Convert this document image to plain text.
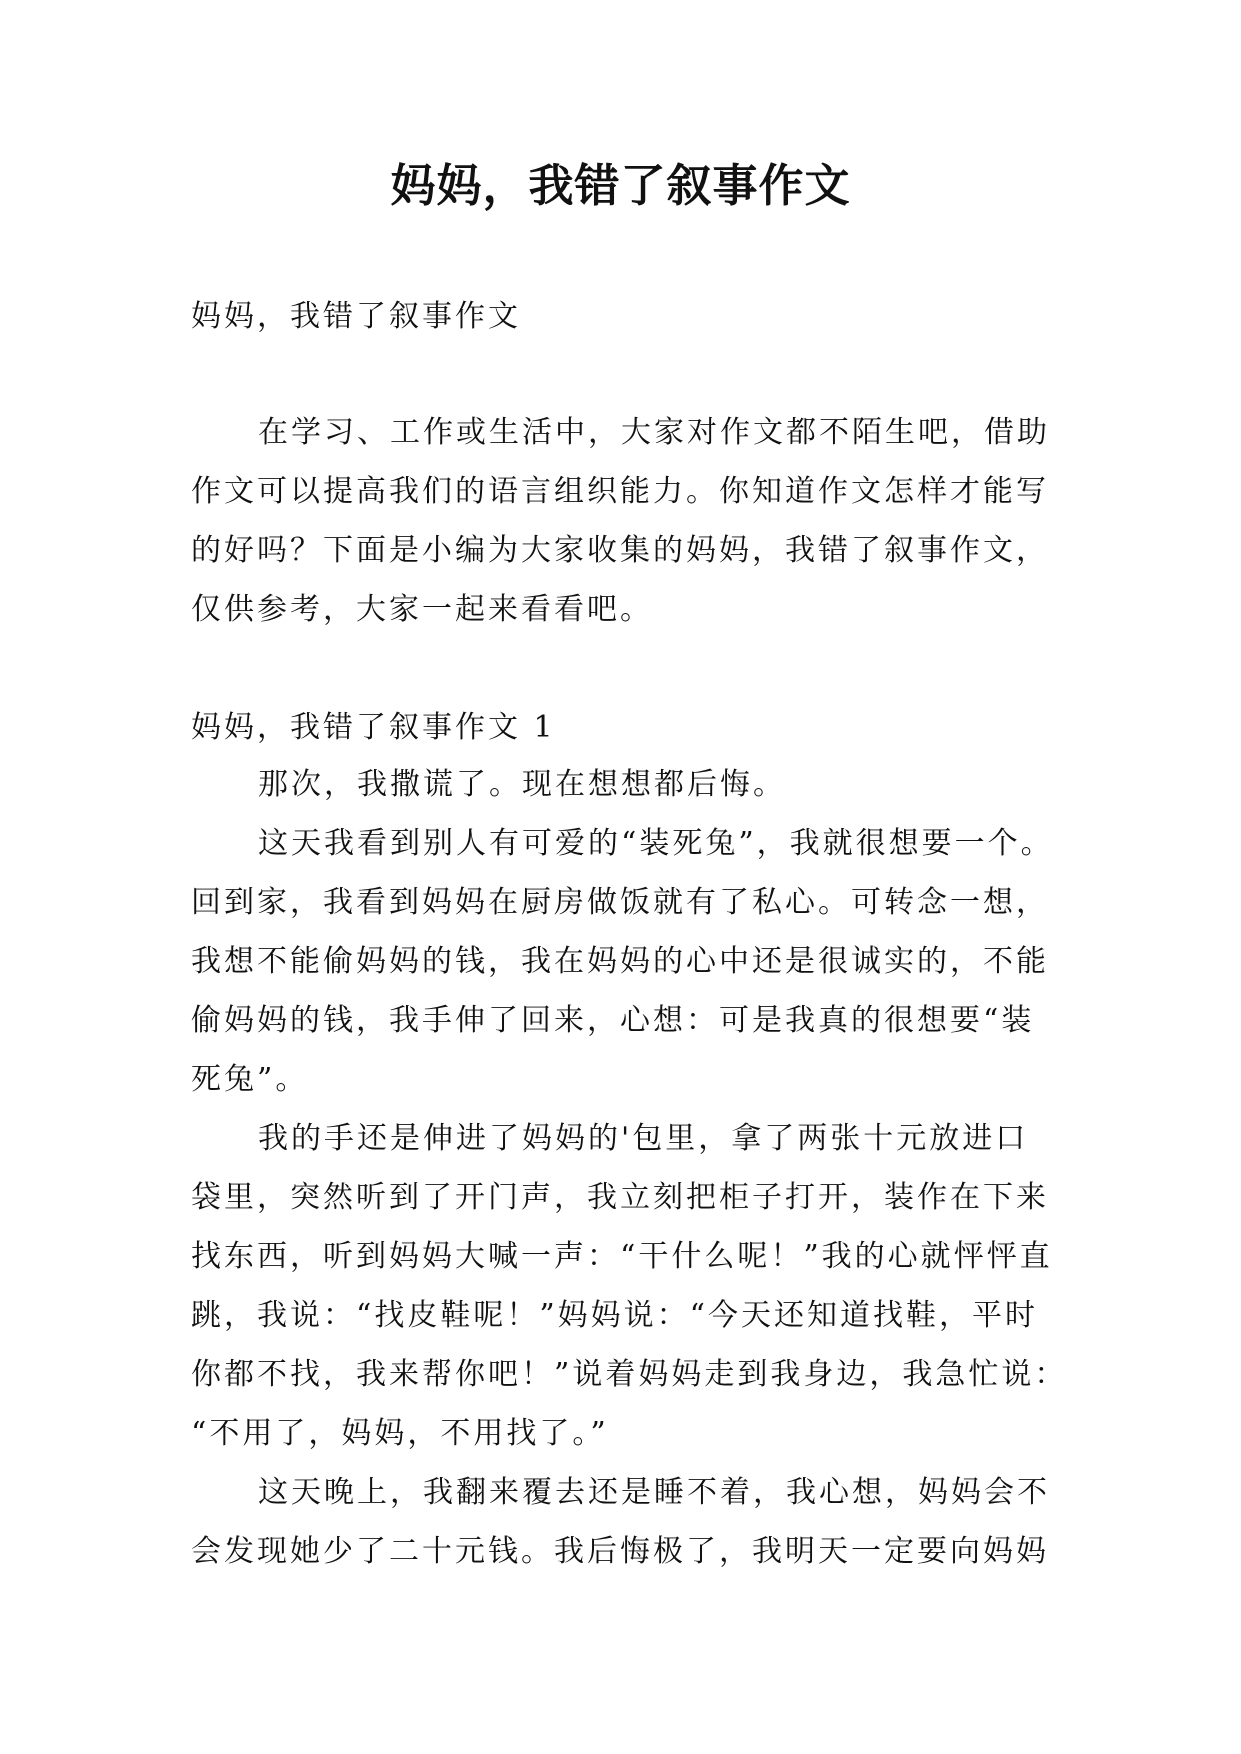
妈妈，我错了叙事作文
妈妈，我错了叙事作文
在学习、工作或生活中，大家对作文都不陌生吧，借助
作文可以提高我们的语言组织能力。你知道作文怎样才能写
的好吗？下面是小编为大家收集的妈妈，我错了叙事作文，
仅供参考，大家一起来看看吧。
妈妈，我错了叙事作文 1
那次，我撒谎了。现在想想都后悔。
这天我看到别人有可爱的“装死兔”，我就很想要一个。
回到家，我看到妈妈在厨房做饭就有了私心。可转念一想，
我想不能偷妈妈的钱，我在妈妈的心中还是很诚实的，不能
偷妈妈的钱，我手伸了回来，心想：可是我真的很想要“装
死兔”。
我的手还是伸进了妈妈的'包里，拿了两张十元放进口
袋里，突然听到了开门声，我立刻把柜子打开，装作在下来
找东西，听到妈妈大喊一声：“干什么呢！”我的心就怦怦直
跳，我说：“找皮鞋呢！”妈妈说：“今天还知道找鞋，平时
你都不找，我来帮你吧！”说着妈妈走到我身边，我急忙说：
“不用了，妈妈，不用找了。”
这天晚上，我翻来覆去还是睡不着，我心想，妈妈会不
会发现她少了二十元钱。我后悔极了，我明天一定要向妈妈
